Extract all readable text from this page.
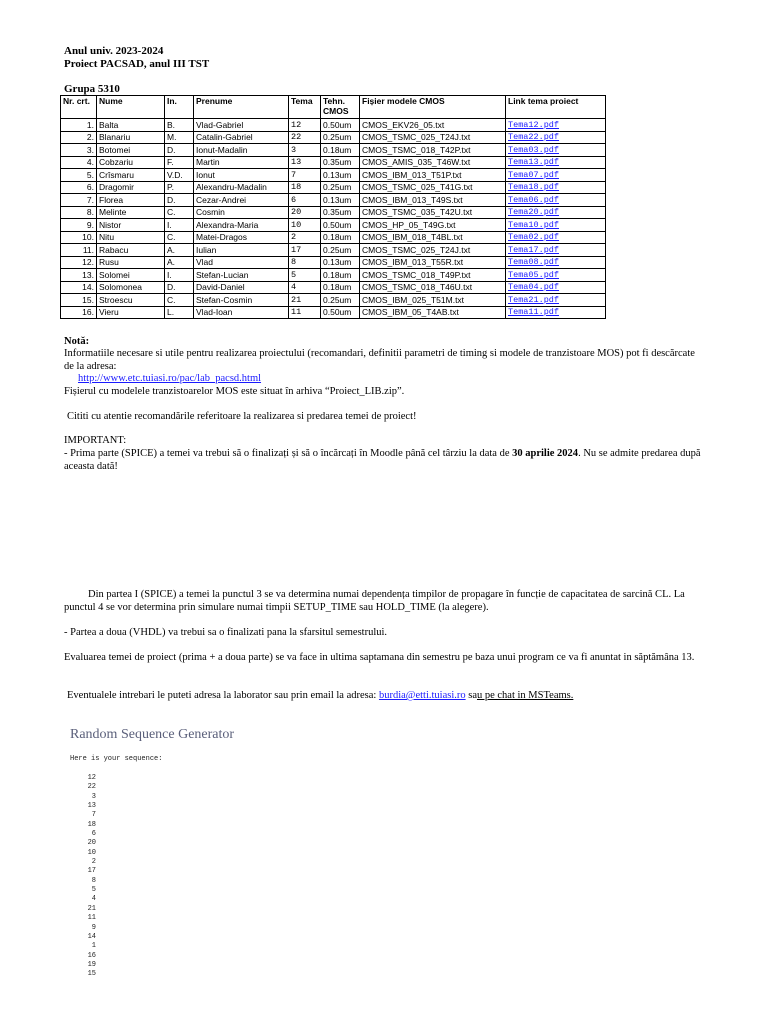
Anul univ. 2023-2024
Proiect PACSAD, anul III TST
Grupa 5310
Nr. crt.	Nume	In.	Prenume	Tema	Tehn. CMOS	Fișier modele CMOS	Link tema proiect
1.	Balta	B.	Vlad-Gabriel	12	0.50um	CMOS_EKV26_05.txt	Tema12.pdf
2.	Blanariu	M.	Catalin-Gabriel	22	0.25um	CMOS_TSMC_025_T24J.txt	Tema22.pdf
3.	Botomei	D.	Ionut-Madalin	3	0.18um	CMOS_TSMC_018_T42P.txt	Tema03.pdf
4.	Cobzariu	F.	Martin	13	0.35um	CMOS_AMIS_035_T46W.txt	Tema13.pdf
5.	Crîsmaru	V.D.	Ionut	7	0.13um	CMOS_IBM_013_T51P.txt	Tema07.pdf
6.	Dragomir	P.	Alexandru-Madalin	18	0.25um	CMOS_TSMC_025_T41G.txt	Tema18.pdf
7.	Florea	D.	Cezar-Andrei	6	0.13um	CMOS_IBM_013_T49S.txt	Tema06.pdf
8.	Melinte	C.	Cosmin	20	0.35um	CMOS_TSMC_035_T42U.txt	Tema20.pdf
9.	Nistor	I.	Alexandra-Maria	10	0.50um	CMOS_HP_05_T49G.txt	Tema10.pdf
10.	Nitu	C.	Matei-Dragos	2	0.18um	CMOS_IBM_018_T4BL.txt	Tema02.pdf
11.	Rabacu	A.	Iulian	17	0.25um	CMOS_TSMC_025_T24J.txt	Tema17.pdf
12.	Rusu	A.	Vlad	8	0.13um	CMOS_IBM_013_T55R.txt	Tema08.pdf
13.	Solomei	I.	Stefan-Lucian	5	0.18um	CMOS_TSMC_018_T49P.txt	Tema05.pdf
14.	Solomonea	D.	David-Daniel	4	0.18um	CMOS_TSMC_018_T46U.txt	Tema04.pdf
15.	Stroescu	C.	Stefan-Cosmin	21	0.25um	CMOS_IBM_025_T51M.txt	Tema21.pdf
16.	Vieru	L.	Vlad-Ioan	11	0.50um	CMOS_IBM_05_T4AB.txt	Tema11.pdf
Notă:
Informatiile necesare si utile pentru realizarea proiectului (recomandari, definitii parametri de timing si modele de tranzistoare MOS) pot fi descărcate de la adresa:
http://www.etc.tuiasi.ro/pac/lab_pacsd.html
Fișierul cu modelele tranzistoarelor MOS este situat în arhiva “Proiect_LIB.zip”.
Cititi cu atentie recomandările referitoare la realizarea si predarea temei de proiect!
IMPORTANT:
- Prima parte (SPICE) a temei va trebui să o finalizați și să o încărcați în Moodle până cel târziu la data de 30 aprilie 2024. Nu se admite predarea după aceasta dată!
Din partea I (SPICE) a temei la punctul 3 se va determina numai dependența timpilor de propagare în funcție de capacitatea de sarcină CL. La punctul 4 se vor determina prin simulare numai timpii SETUP_TIME sau HOLD_TIME (la alegere).
- Partea a doua (VHDL) va trebui sa o finalizati pana la sfarsitul semestrului.
Evaluarea temei de proiect (prima + a doua parte) se va face in ultima saptamana din semestru pe baza unui program ce va fi anuntat in săptămâna 13.
Eventualele intrebari le puteti adresa la laborator sau prin email la adresa: burdia@etti.tuiasi.ro sau pe chat in MSTeams.
Random Sequence Generator
Here is your sequence:
12
22
3
13
7
18
6
20
10
2
17
8
5
4
21
11
9
14
1
16
19
15
